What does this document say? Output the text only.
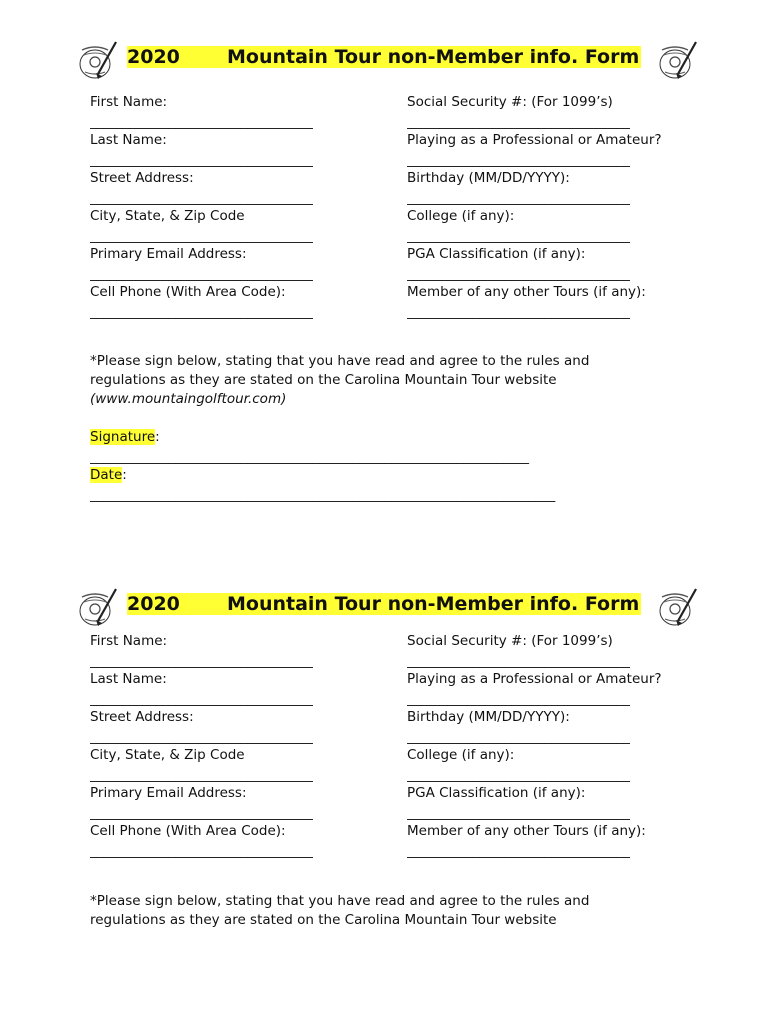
2020	Mountain Tour non-Member info. Form
First Name:
__________________________________
Last Name:
__________________________________
Street Address:
__________________________________
City, State, & Zip Code
__________________________________
Primary Email Address:
__________________________________
Cell Phone (With Area Code):
__________________________________
Social Security #: (For 1099’s)
__________________________________
Playing as a Professional or Amateur?
__________________________________
Birthday (MM/DD/YYYY):
__________________________________
College (if any):
__________________________________
PGA Classification (if any):
__________________________________
Member of any other Tours (if any):
__________________________________
*Please sign below, stating that you have read and agree to the rules and
regulations as they are stated on the Carolina Mountain Tour website
(www.mountaingolftour.com)
Signature:
___________________________________________________________________
Date:
_______________________________________________________________________
2020	Mountain Tour non-Member info. Form
First Name:
__________________________________
Last Name:
__________________________________
Street Address:
__________________________________
City, State, & Zip Code
__________________________________
Primary Email Address:
__________________________________
Cell Phone (With Area Code):
__________________________________
Social Security #: (For 1099’s)
__________________________________
Playing as a Professional or Amateur?
__________________________________
Birthday (MM/DD/YYYY):
__________________________________
College (if any):
__________________________________
PGA Classification (if any):
__________________________________
Member of any other Tours (if any):
__________________________________
*Please sign below, stating that you have read and agree to the rules and
regulations as they are stated on the Carolina Mountain Tour website
